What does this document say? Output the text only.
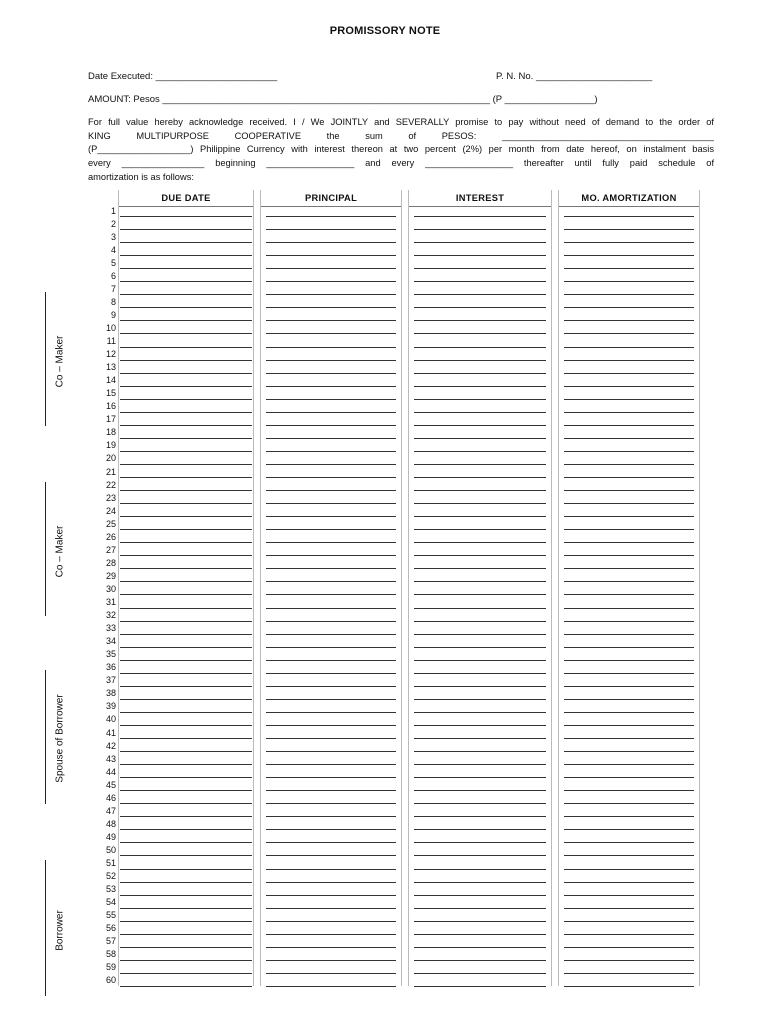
PROMISSORY NOTE
Date Executed: _______________________	P. N. No. ______________________
AMOUNT: Pesos ______________________________________________________________ (P _________________)
For full value hereby acknowledge received. I / We JOINTLY and SEVERALLY promise to pay without need of demand to the order of
KING	MULTIPURPOSE	COOPERATIVE	the	sum	of	PESOS:	_________________________________________
(P__________________) Philippine Currency with interest thereon at two percent (2%) per month from date hereof, on instalment basis
every ________________ beginning _________________ and every _________________ thereafter until fully paid schedule of
amortization is as follows:
Co – Maker
Co – Maker
Spouse of Borrower
Borrower
DUE DATE	PRINCIPAL	INTEREST	MO. AMORTIZATION
1
2
3
4
5
6
7
8
9
10
11
12
13
14
15
16
17
18
19
20
21
22
23
24
25
26
27
28
29
30
31
32
33
34
35
36
37
38
39
40
41
42
43
44
45
46
47
48
49
50
51
52
53
54
55
56
57
58
59
60
